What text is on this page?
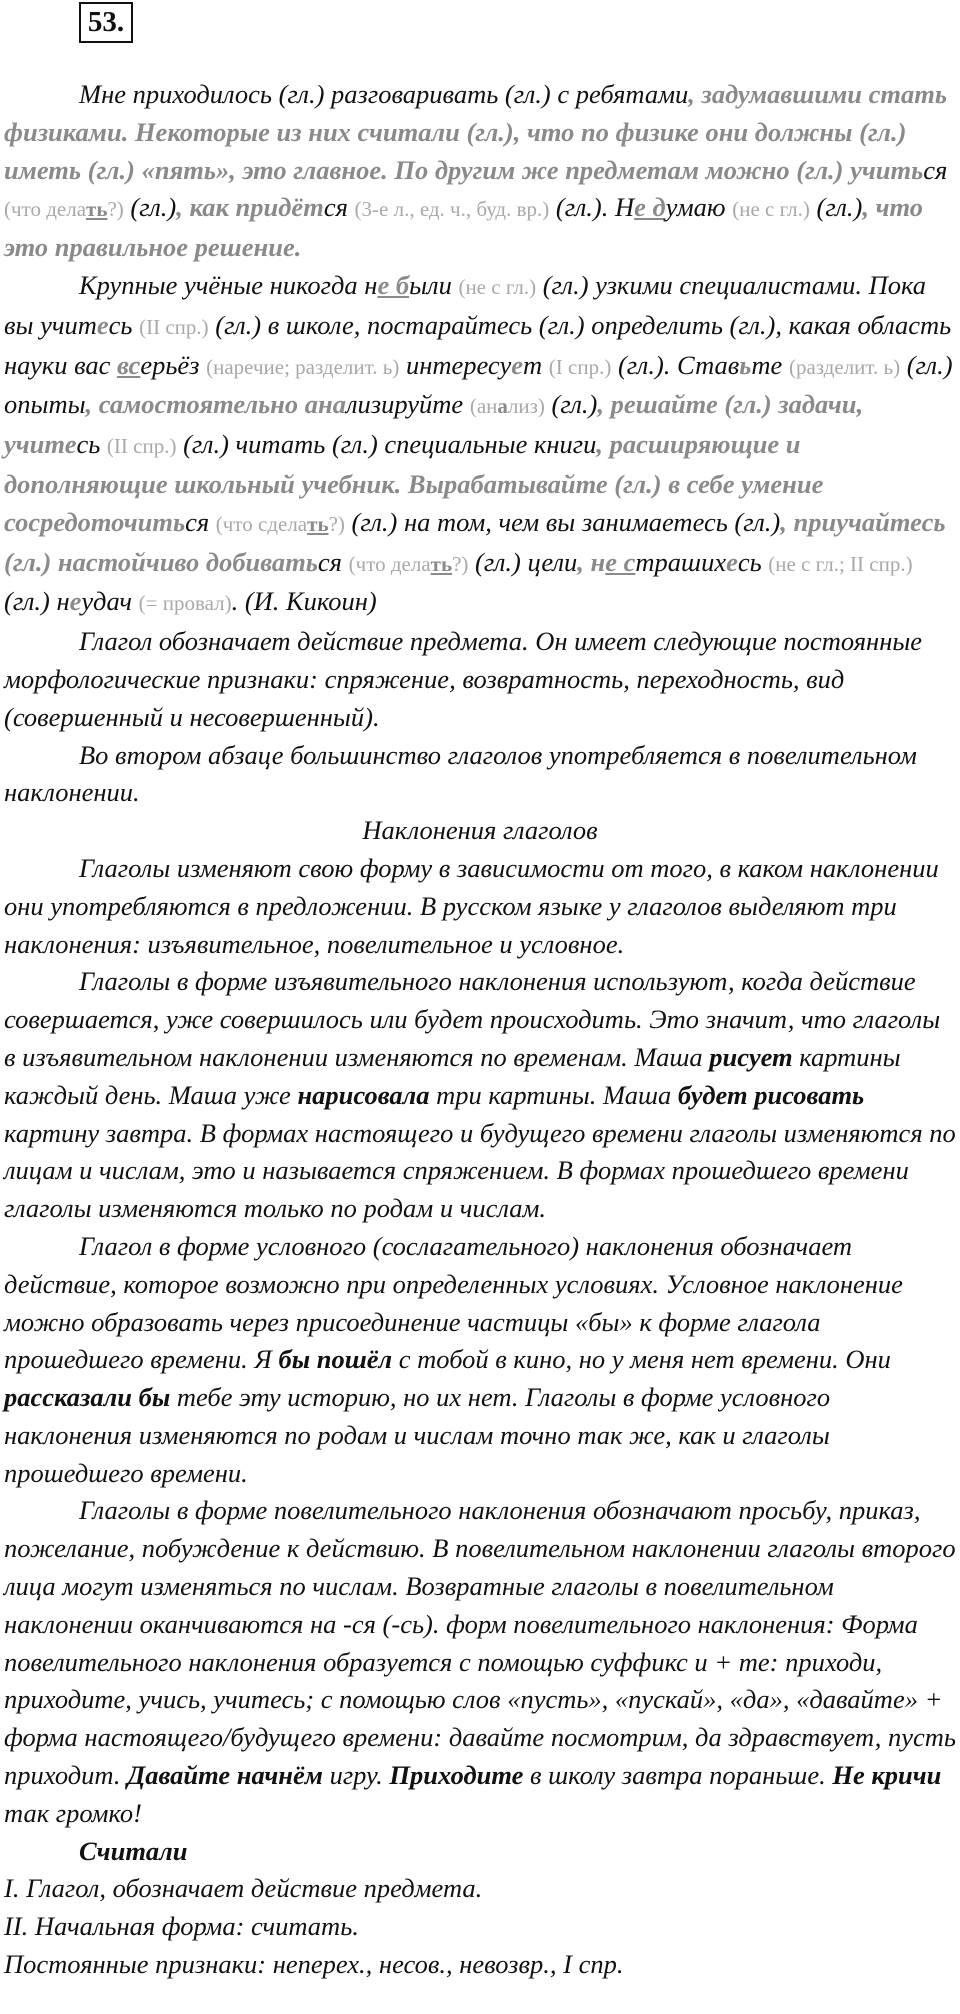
53.

Мне приходилось (гл.) разговаривать (гл.) с ребятами, задумавшими стать физиками. Некоторые из них считали (гл.), что по физике они должны (гл.) иметь (гл.) «пять», это главное. По другим же предметам можно (гл.) учиться (что делать?) (гл.), как придётся (3-е л., ед. ч., буд. вр.) (гл.). Не думаю (не с гл.) (гл.), что это правильное решение.

Крупные учёные никогда не были (не с гл.) (гл.) узкими специалистами. Пока вы учитесь (II спр.) (гл.) в школе, постарайтесь (гл.) определить (гл.), какая область науки вас всерьёз (наречие; разделит. ь) интересует (I спр.) (гл.). Ставьте (разделит. ь) (гл.) опыты, самостоятельно анализируйте (анализ) (гл.), решайте (гл.) задачи, учитесь (II спр.) (гл.) читать (гл.) специальные книги, расширяющие и дополняющие школьный учебник. Вырабатывайте (гл.) в себе умение сосредоточиться (что сделать?) (гл.) на том, чем вы занимаетесь (гл.), приучайтесь (гл.) настойчиво добиваться (что делать?) (гл.) цели, не страшихесь (не с гл.; II спр.) (гл.) неудач (= провал). (И. Кикоин)

Глагол обозначает действие предмета. Он имеет следующие постоянные морфологические признаки: спряжение, возвратность, переходность, вид (совершенный и несовершенный).

Во втором абзаце большинство глаголов употребляется в повелительном наклонении.

Наклонения глаголов

Глаголы изменяют свою форму в зависимости от того, в каком наклонении они употребляются в предложении. В русском языке у глаголов выделяют три наклонения: изъявительное, повелительное и условное.

Глаголы в форме изъявительного наклонения используют, когда действие совершается, уже совершилось или будет происходить. Это значит, что глаголы в изъявительном наклонении изменяются по временам. Маша рисует картины каждый день. Маша уже нарисовала три картины. Маша будет рисовать картину завтра. В формах настоящего и будущего времени глаголы изменяются по лицам и числам, это и называется спряжением. В формах прошедшего времени глаголы изменяются только по родам и числам.

Глагол в форме условного (сослагательного) наклонения обозначает действие, которое возможно при определенных условиях. Условное наклонение можно образовать через присоединение частицы «бы» к форме глагола прошедшего времени. Я бы пошёл с тобой в кино, но у меня нет времени. Они рассказали бы тебе эту историю, но их нет. Глаголы в форме условного наклонения изменяются по родам и числам точно так же, как и глаголы прошедшего времени.

Глаголы в форме повелительного наклонения обозначают просьбу, приказ, пожелание, побуждение к действию. В повелительном наклонении глаголы второго лица могут изменяться по числам. Возвратные глаголы в повелительном наклонении оканчиваются на -ся (-сь). форм повелительного наклонения: Форма повелительного наклонения образуется с помощью суффикс и + те: приходи, приходите, учись, учитесь; с помощью слов «пусть», «пускай», «да», «давайте» + форма настоящего/будущего времени: давайте посмотрим, да здравствует, пусть приходит. Давайте начнём игру. Приходите в школу завтра пораньше. Не кричи так громко!

Считали

I. Глагол, обозначает действие предмета.

II. Начальная форма: считать.

Постоянные признаки: неперех., несов., невозвр., I спр.
